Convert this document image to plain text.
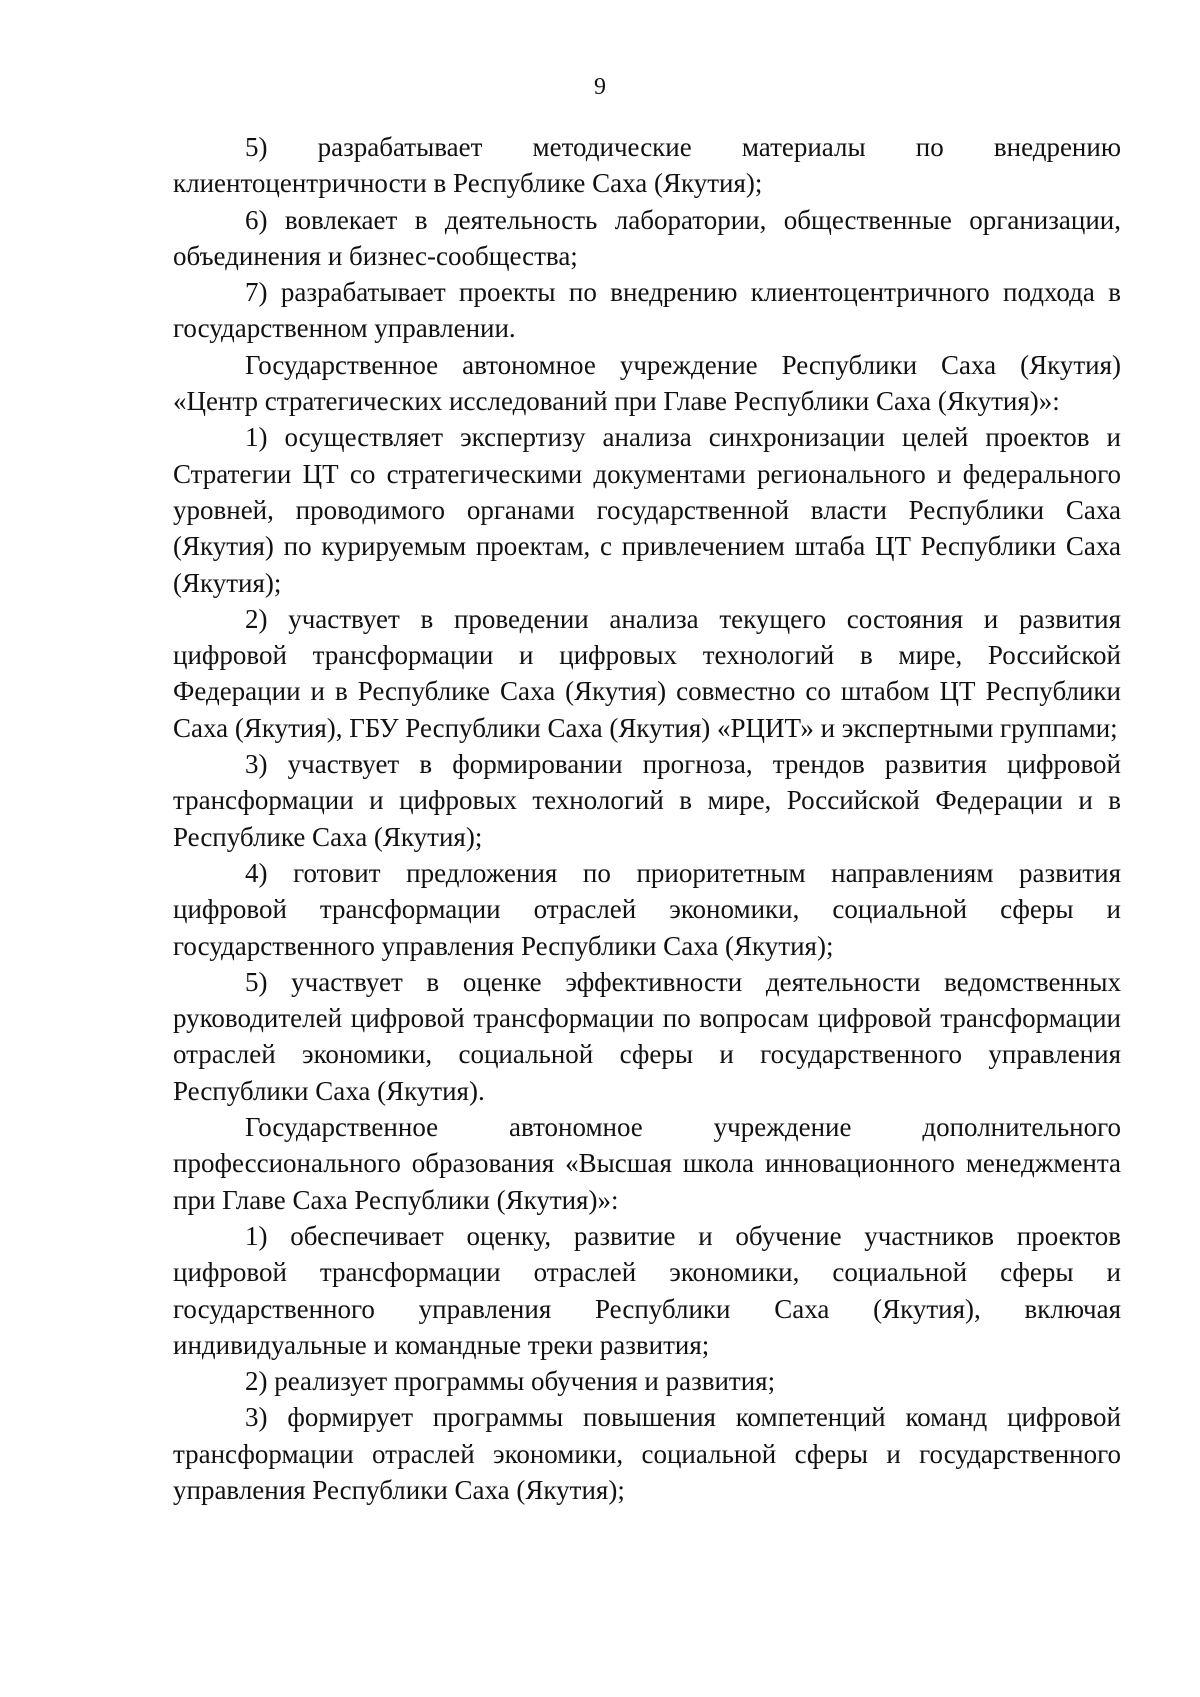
9

5) разрабатывает методические материалы по внедрению клиентоцентричности в Республике Саха (Якутия);

6) вовлекает в деятельность лаборатории, общественные организации, объединения и бизнес-сообщества;

7) разрабатывает проекты по внедрению клиентоцентричного подхода в государственном управлении.

Государственное автономное учреждение Республики Саха (Якутия) «Центр стратегических исследований при Главе Республики Саха (Якутия)»:

1) осуществляет экспертизу анализа синхронизации целей проектов и Стратегии ЦТ со стратегическими документами регионального и федерального уровней, проводимого органами государственной власти Республики Саха (Якутия) по курируемым проектам, с привлечением штаба ЦТ Республики Саха (Якутия);

2) участвует в проведении анализа текущего состояния и развития цифровой трансформации и цифровых технологий в мире, Российской Федерации и в Республике Саха (Якутия) совместно со штабом ЦТ Республики Саха (Якутия), ГБУ Республики Саха (Якутия) «РЦИТ» и экспертными группами;

3) участвует в формировании прогноза, трендов развития цифровой трансформации и цифровых технологий в мире, Российской Федерации и в Республике Саха (Якутия);

4) готовит предложения по приоритетным направлениям развития цифровой трансформации отраслей экономики, социальной сферы и государственного управления Республики Саха (Якутия);

5) участвует в оценке эффективности деятельности ведомственных руководителей цифровой трансформации по вопросам цифровой трансформации отраслей экономики, социальной сферы и государственного управления Республики Саха (Якутия).

Государственное автономное учреждение дополнительного профессионального образования «Высшая школа инновационного менеджмента при Главе Саха Республики (Якутия)»:

1) обеспечивает оценку, развитие и обучение участников проектов цифровой трансформации отраслей экономики, социальной сферы и государственного управления Республики Саха (Якутия), включая индивидуальные и командные треки развития;

2) реализует программы обучения и развития;

3) формирует программы повышения компетенций команд цифровой трансформации отраслей экономики, социальной сферы и государственного управления Республики Саха (Якутия);
